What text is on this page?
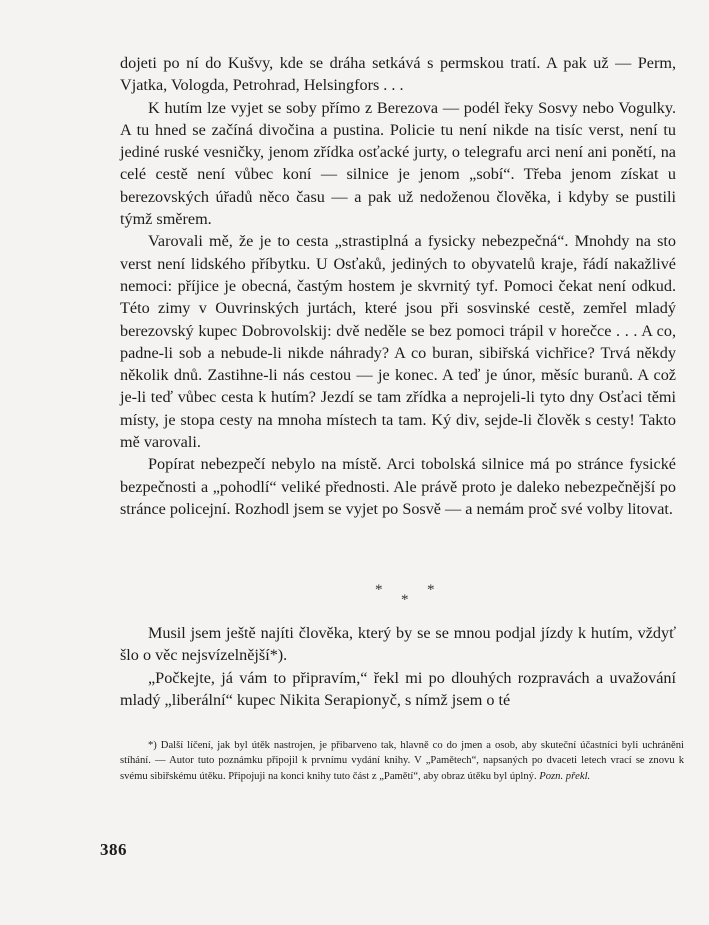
dojeti po ní do Kušvy, kde se dráha setkává s permskou tratí. A pak už — Perm, Vjatka, Vologda, Petrohrad, Helsingfors . . .

K hutím lze vyjet se soby přímo z Berezova — podél řeky Sosvy nebo Vogulky. A tu hned se začíná divočina a pustina. Policie tu není nikde na tisíc verst, není tu jediné ruské vesničky, jenom zřídka osťacké jurty, o telegrafu arci není ani ponětí, na celé cestě není vůbec koní — silnice je jenom „sobí“. Třeba jenom získat u berezovských úřadů něco času — a pak už nedoženou člověka, i kdyby se pustili týmž směrem.

Varovali mě, že je to cesta „strastiplná a fysicky nebezpečná“. Mnohdy na sto verst není lidského příbytku. U Osťaků, jediných to obyvatelů kraje, řádí nakažlivé nemoci: příjice je obecná, častým hostem je skvrnitý tyf. Pomoci čekat není odkud. Této zimy v Ouvrinských jurtách, které jsou při sosvinské cestě, zemřel mladý berezovský kupec Dobrovolskij: dvě neděle se bez pomoci trápil v horečce . . . A co, padne-li sob a nebude-li nikde náhrady? A co buran, sibiřská vichřice? Trvá někdy několik dnů. Zastihne-li nás cestou — je konec. A teď je únor, měsíc buranů. A což je-li teď vůbec cesta k hutím? Jezdí se tam zřídka a neprojeli-li tyto dny Osťaci těmi místy, je stopa cesty na mnoha místech ta tam. Ký div, sejde-li člověk s cesty! Takto mě varovali.

Popírat nebezpečí nebylo na místě. Arci tobolská silnice má po stránce fysické bezpečnosti a „pohodlí“ veliké přednosti. Ale právě proto je daleko nebezpečnější po stránce policejní. Rozhodl jsem se vyjet po Sosvě — a nemám proč své volby litovat.

*
*
*

Musil jsem ještě najíti člověka, který by se se mnou podjal jízdy k hutím, vždyť šlo o věc nejsvízelnější*).

„Počkejte, já vám to připravím,“ řekl mi po dlouhých rozpravách a uvažování mladý „liberální“ kupec Nikita Serapionyč, s nímž jsem o té

*) Další líčení, jak byl útěk nastrojen, je přibarveno tak, hlavně co do jmen a osob, aby skuteční účastníci byli uchráněni stíhání. — Autor tuto poznámku připojil k prvnímu vydání knihy. V „Pamětech“, napsaných po dvaceti letech vrací se znovu k svému sibiřskému útěku. Připojuji na konci knihy tuto část z „Pamětí“, aby obraz útěku byl úplný. Pozn. překl.

386
